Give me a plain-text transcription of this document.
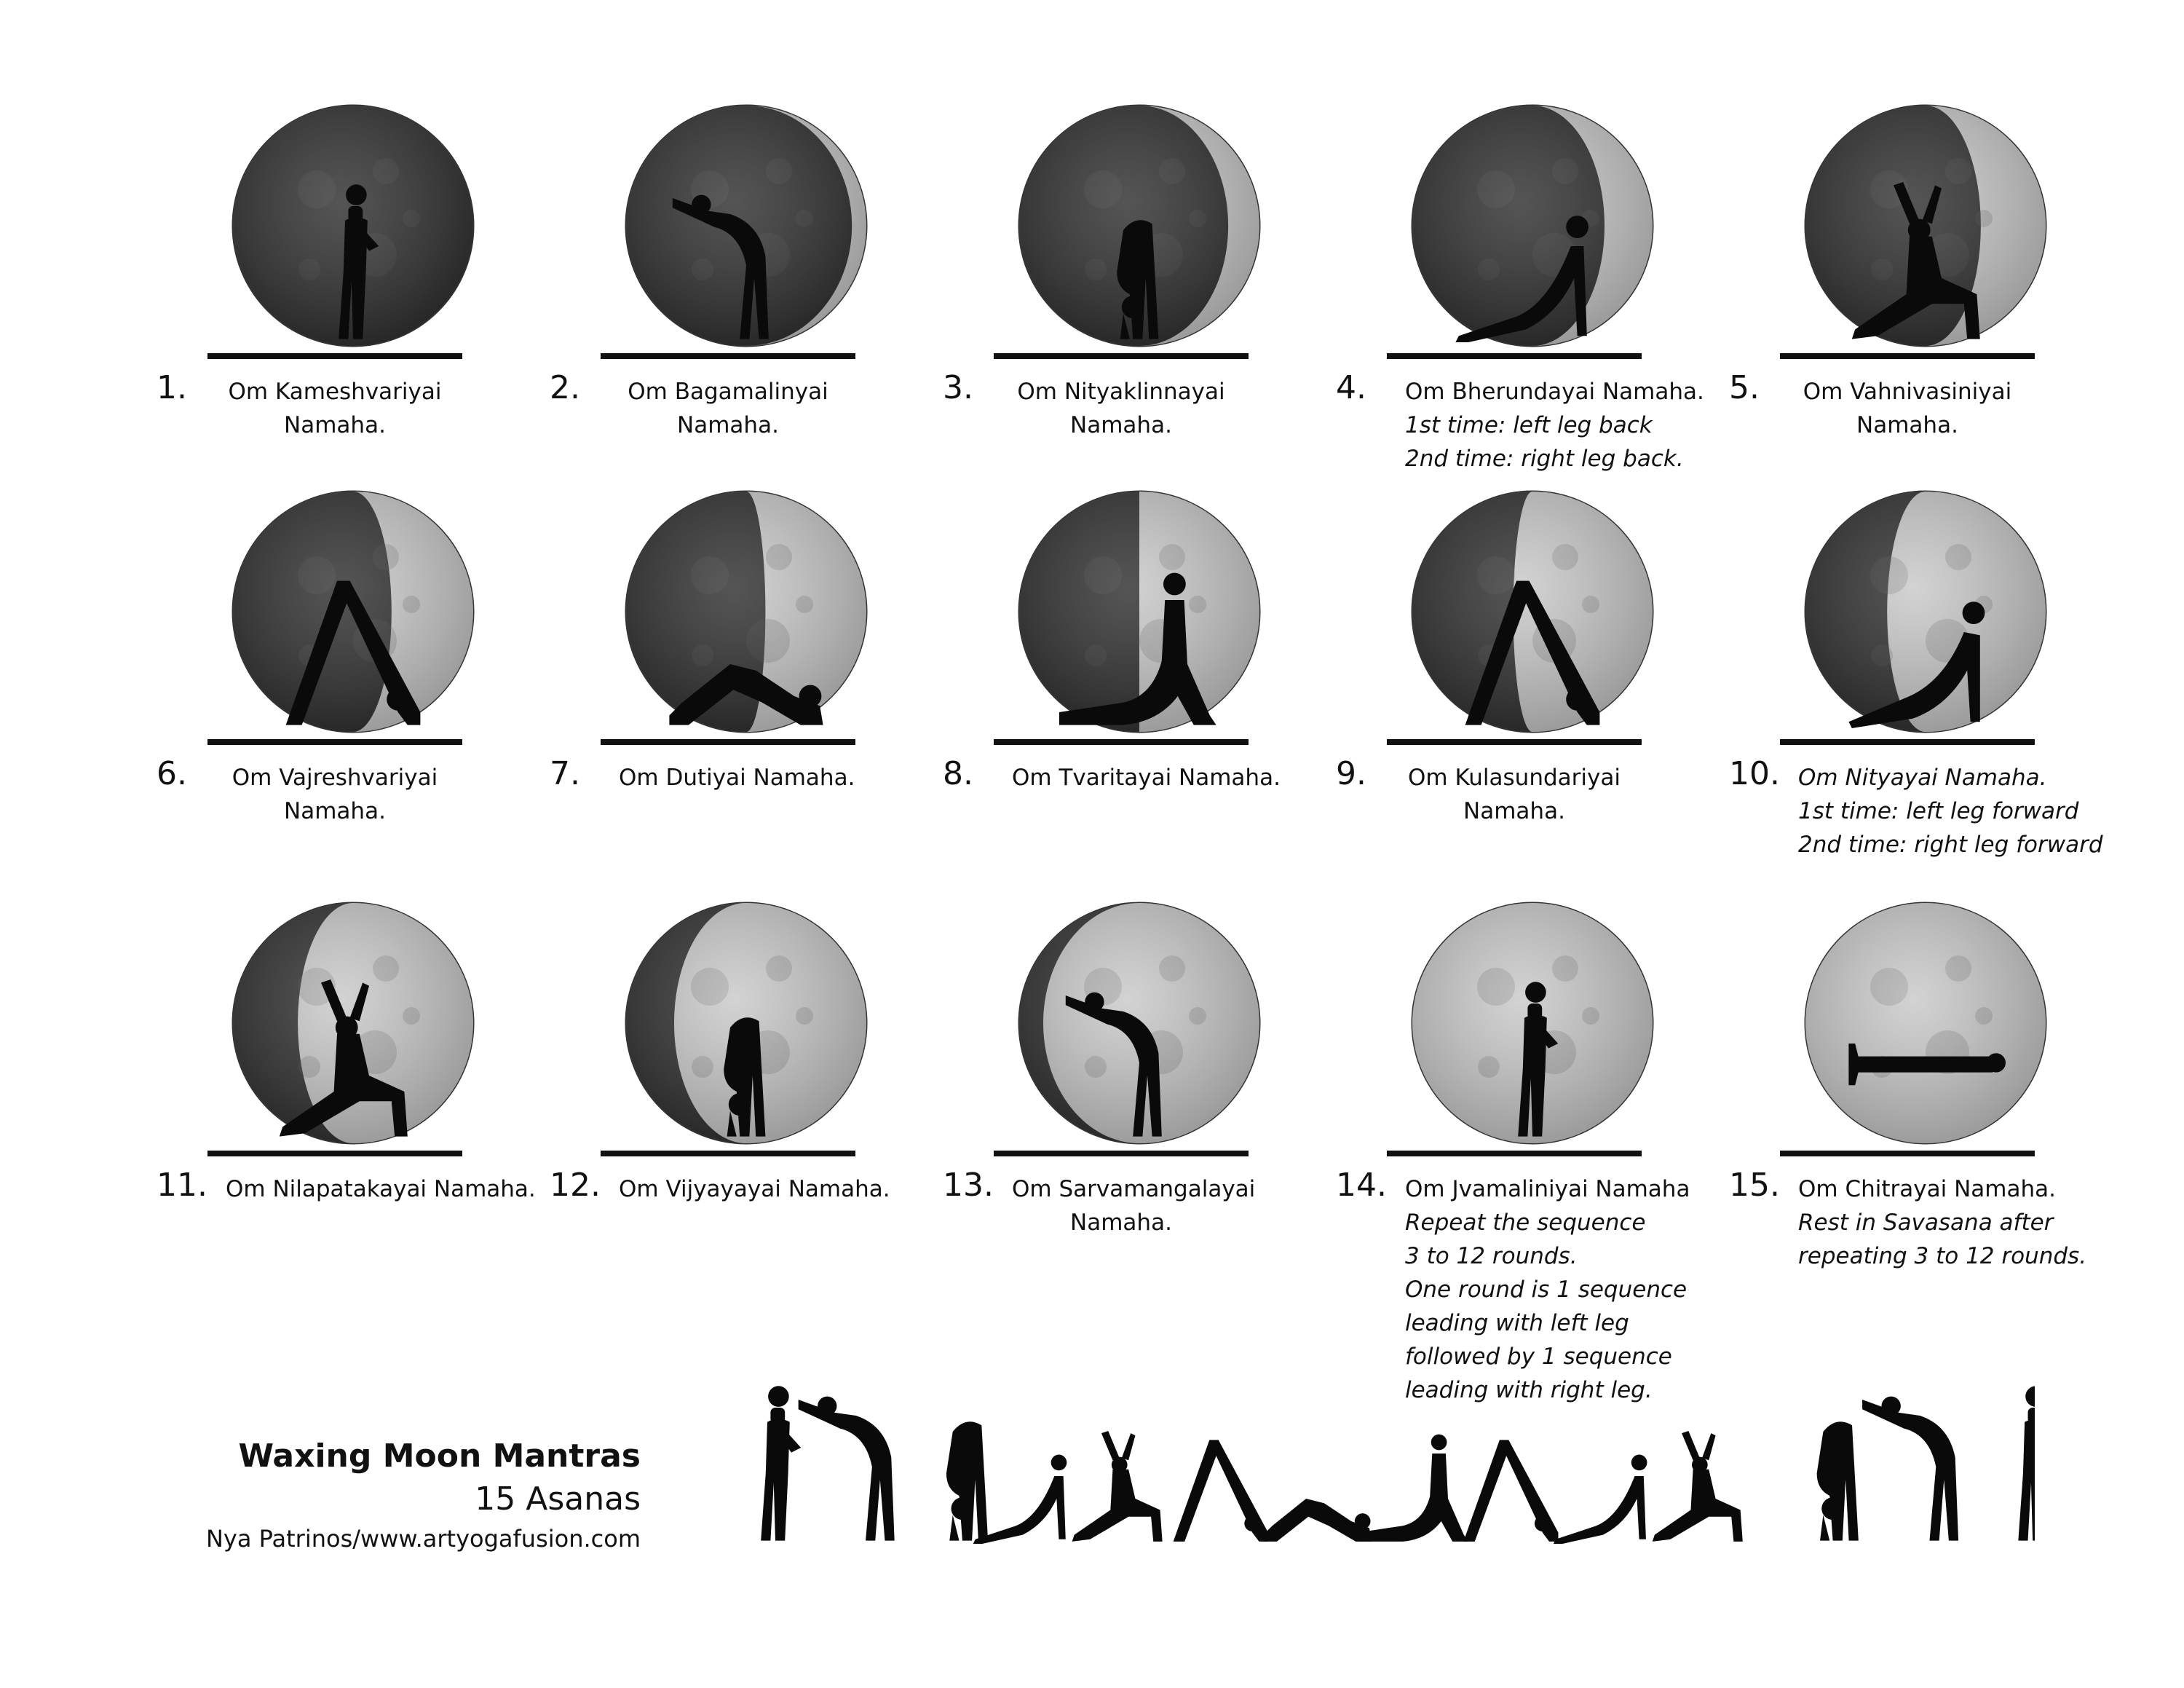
1. Om Kameshvariyai
Namaha.
2.	Om Bagamalinyai
Namaha.
3. Om Nityaklinnayai
Namaha.
4. Om Bherundayai Namaha.
1st time: left leg back
2nd time: right leg back.
5. Om Vahnivasiniyai
Namaha.
6. Om Vajreshvariyai
Namaha.
7. Om Dutiyai Namaha.	8. Om Tvaritayai Namaha. 9. Om Kulasundariyai
Namaha.
10. Om Nityayai Namaha.
1st time: left leg forward
2nd time: right leg forward
11. Om Nilapatakayai Namaha. 12. Om Vijyayayai Namaha. 13. Om Sarvamangalayai
Namaha.
14. Om Jvamaliniyai Namaha
Repeat the sequence
3 to 12 rounds.
One round is 1 sequence
leading with left leg
followed by 1 sequence
leading with right leg.
15. Om Chitrayai Namaha.
Rest in Savasana after
repeating 3 to 12 rounds.
Waxing Moon Mantras
15 Asanas
Nya Patrinos/www.artyogafusion.com
